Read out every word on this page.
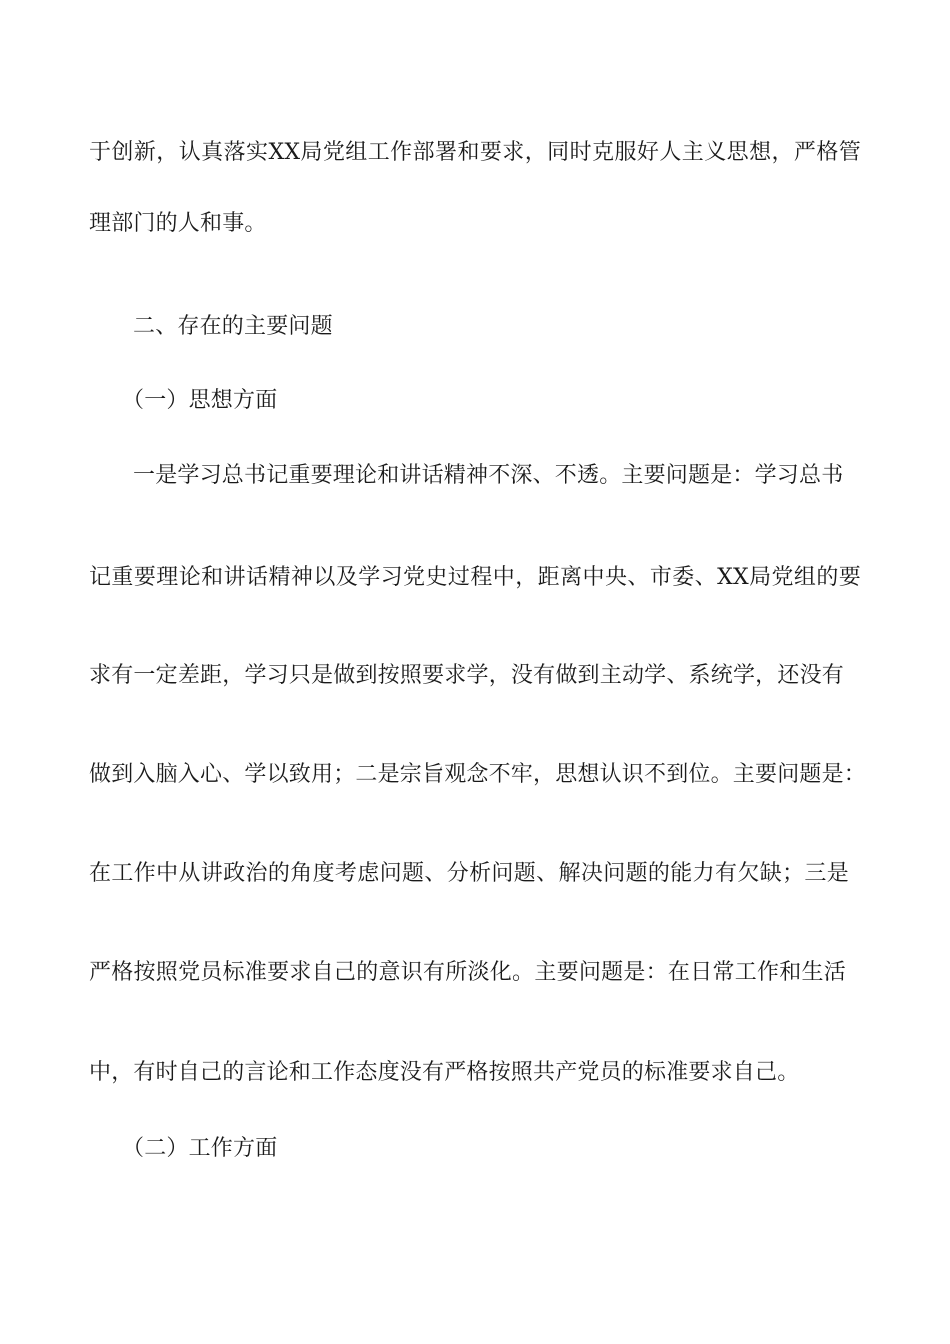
于创新，认真落实XX局党组工作部署和要求，同时克服好人主义思想，严格管
理部门的人和事。
二、存在的主要问题
（一）思想方面
一是学习总书记重要理论和讲话精神不深、不透。主要问题是：学习总书
记重要理论和讲话精神以及学习党史过程中，距离中央、市委、XX局党组的要
求有一定差距，学习只是做到按照要求学，没有做到主动学、系统学，还没有
做到入脑入心、学以致用；二是宗旨观念不牢，思想认识不到位。主要问题是：
在工作中从讲政治的角度考虑问题、分析问题、解决问题的能力有欠缺；三是
严格按照党员标准要求自己的意识有所淡化。主要问题是：在日常工作和生活
中，有时自己的言论和工作态度没有严格按照共产党员的标准要求自己。
（二）工作方面
